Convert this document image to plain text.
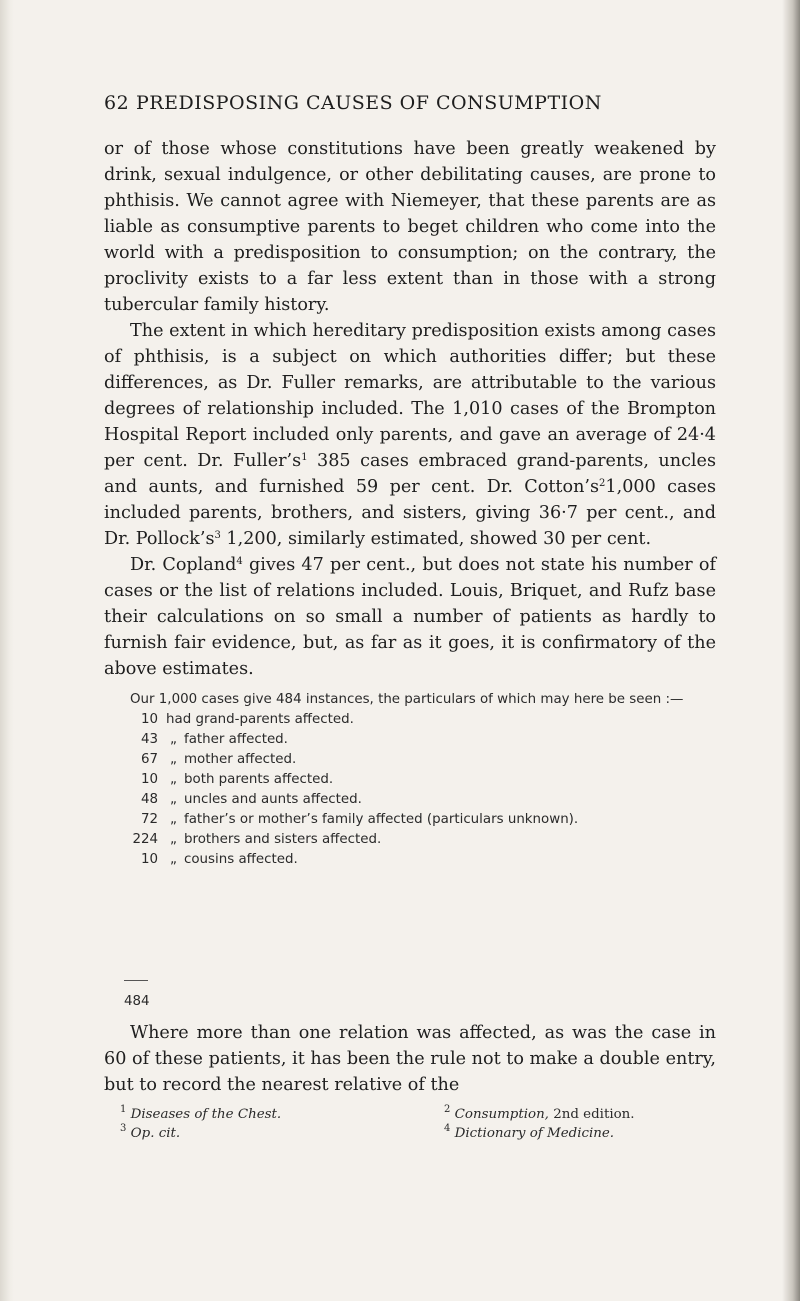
62 PREDISPOSING CAUSES OF CONSUMPTION

or of those whose constitutions have been greatly weakened by drink, sexual indulgence, or other debilitating causes, are prone to phthisis. We cannot agree with Niemeyer, that these parents are as liable as consumptive parents to beget children who come into the world with a predisposition to consumption; on the contrary, the proclivity exists to a far less extent than in those with a strong tubercular family history.

The extent in which hereditary predisposition exists among cases of phthisis, is a subject on which authorities differ; but these differences, as Dr. Fuller remarks, are attributable to the various degrees of relationship included. The 1,010 cases of the Brompton Hospital Report included only parents, and gave an average of 24·4 per cent. Dr. $Fuller’s^1$ 385 cases embraced grand-parents, uncles and aunts, and furnished 59 per cent. Dr. $Cotton’s^21,000$ cases included parents, brothers, and sisters, giving 36·7 per cent., and Dr. $Pollock’s^3$ 1,200, similarly estimated, showed 30 per cent.

Dr. Copland$^4$ gives 47 per cent., but does not state his number of cases or the list of relations included. Louis, Briquet, and Rufz base their calculations on so small a number of patients as hardly to furnish fair evidence, but, as far as it goes, it is confirmatory of the above estimates.

Our 1,000 cases give 484 instances, the particulars of which may here be seen :—

10 had grand-parents affected.
43 „ father affected.
67 „ mother affected.
10 „ both parents affected.
48 „ uncles and aunts affected.
72 „ father’s or mother’s family affected (particulars unknown).
224 „ brothers and sisters affected.
10 „ cousins affected.
484

Where more than one relation was affected, as was the case in 60 of these patients, it has been the rule not to make a double entry, but to record the nearest relative of the

$^1$ Diseases of the Chest.	$^2$ Consumption, 2nd edition.
$^3$ Op. cit.	$^4$ Dictionary of Medicine.
